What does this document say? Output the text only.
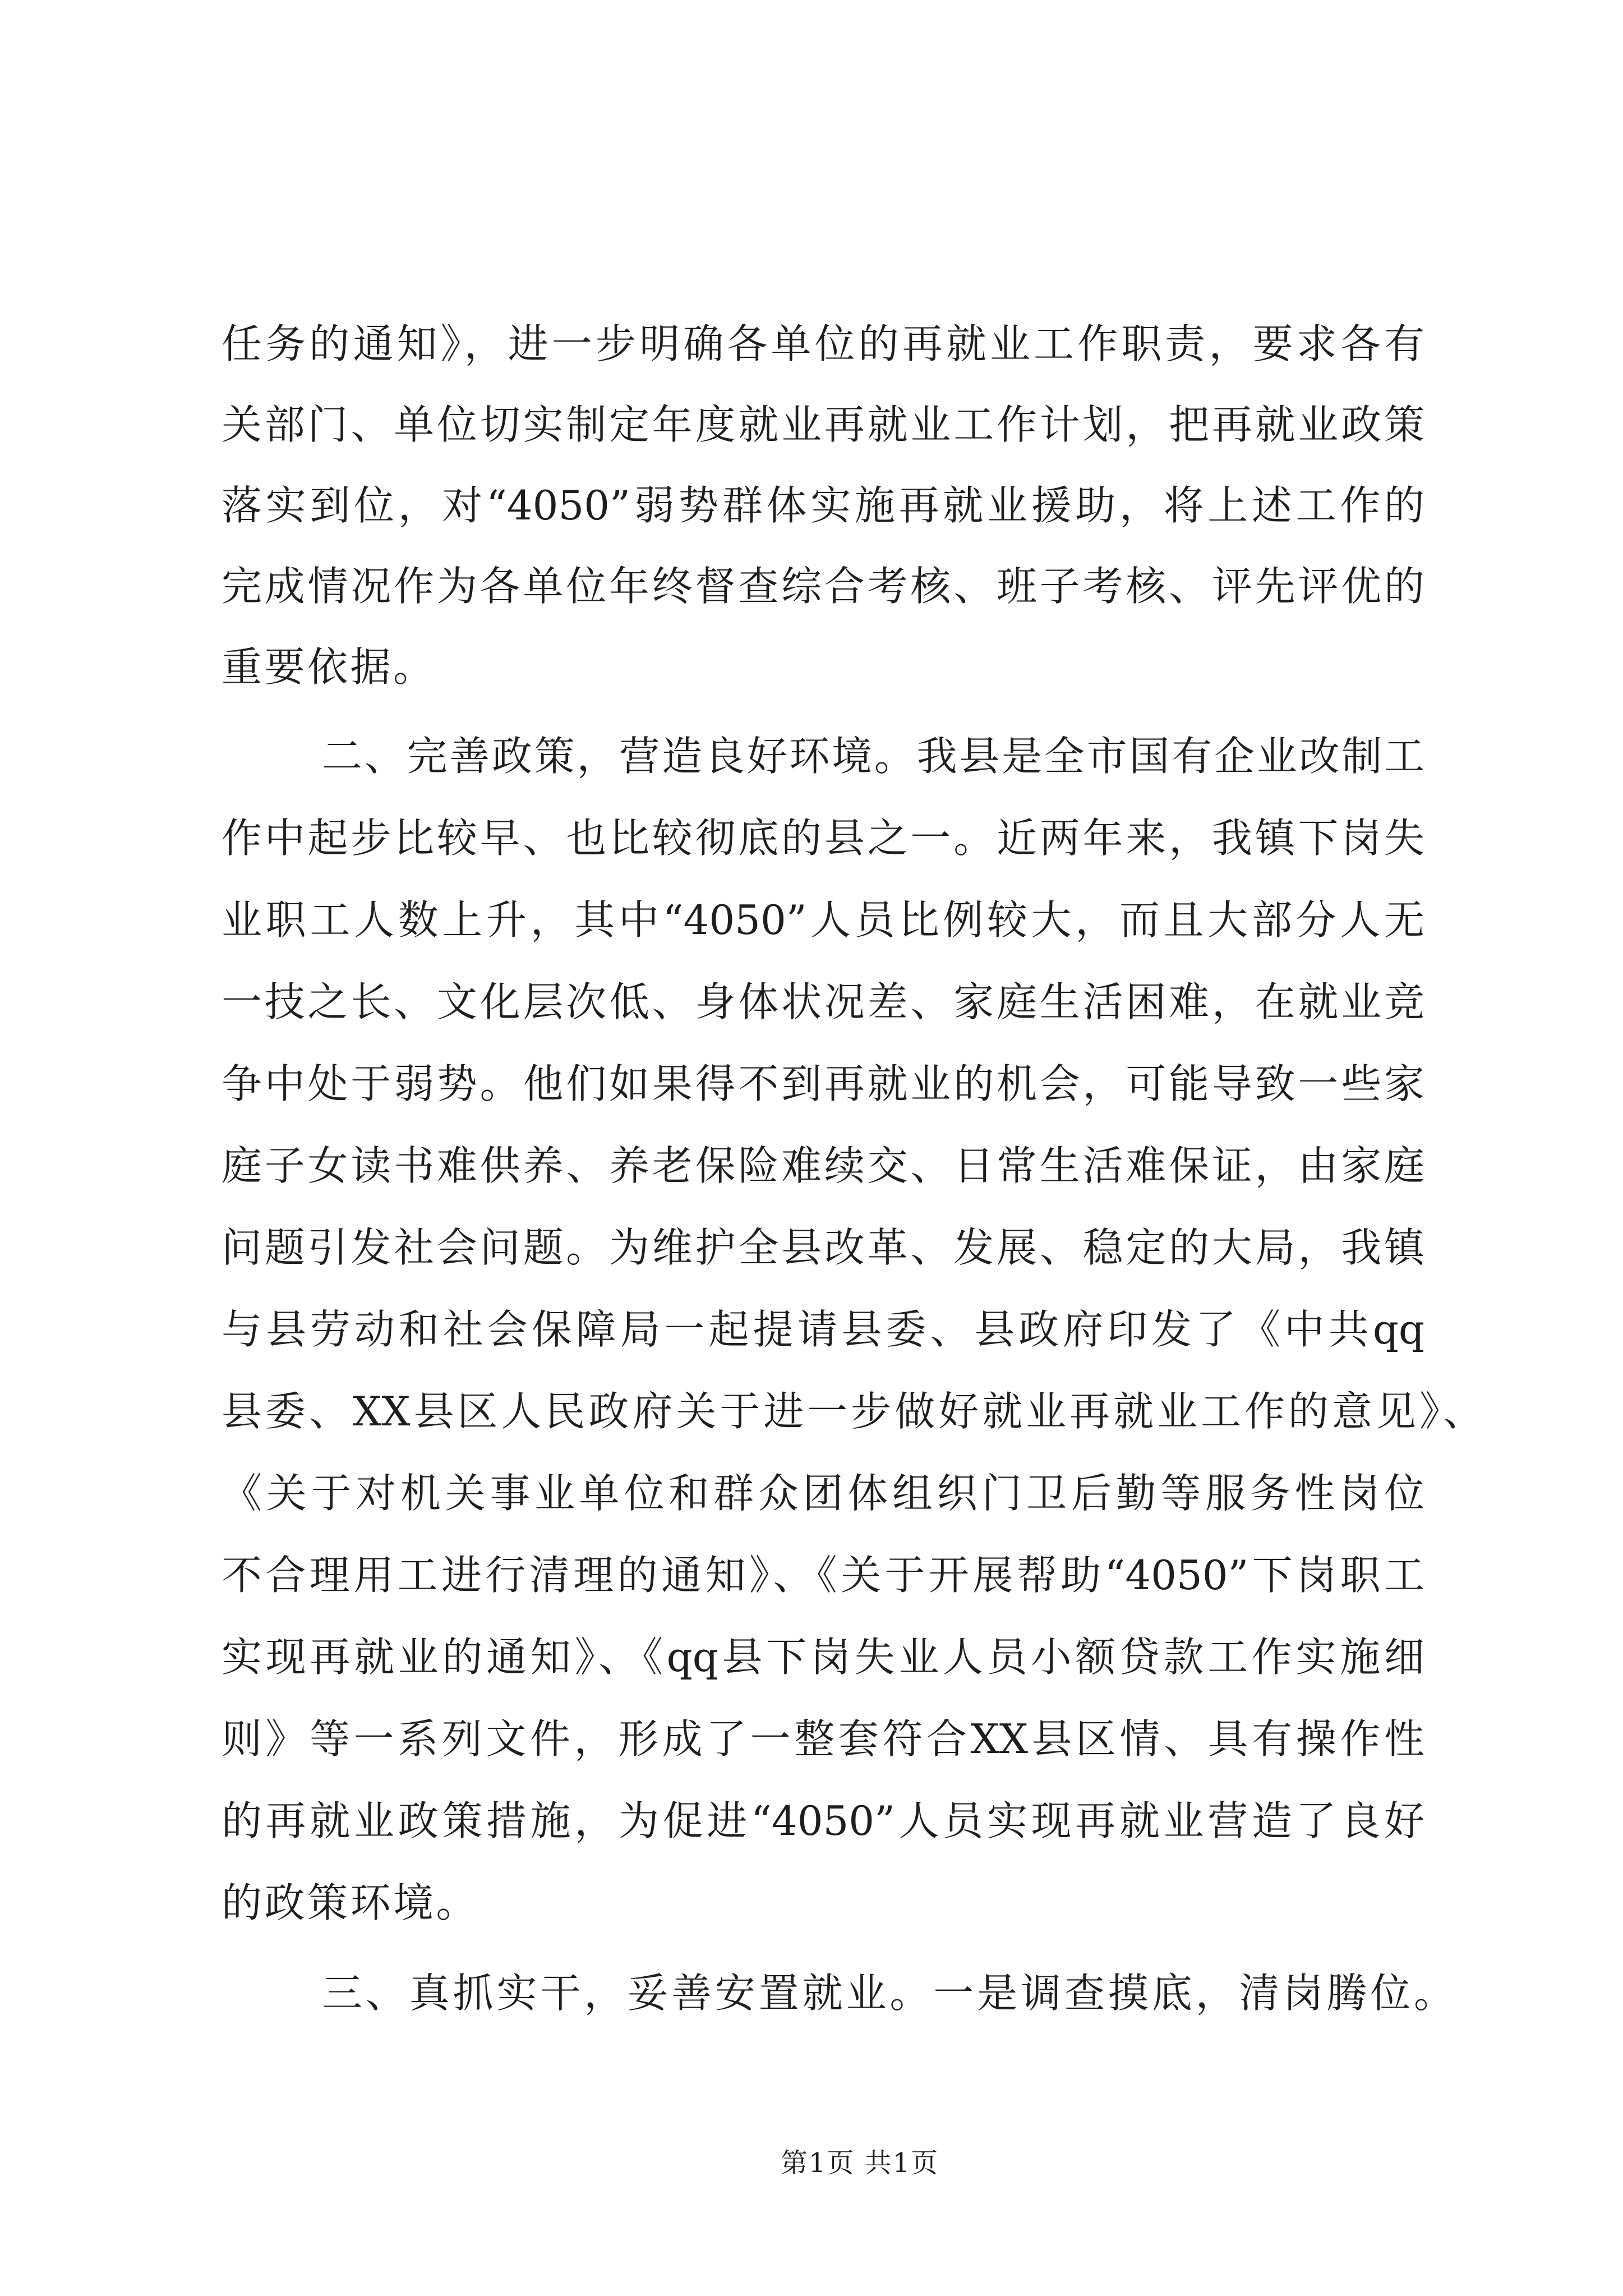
任务的通知》，进一步明确各单位的再就业工作职责，要求各有
关部门、单位切实制定年度就业再就业工作计划，把再就业政策
落实到位，对“4050”弱势群体实施再就业援助，将上述工作的
完成情况作为各单位年终督查综合考核、班子考核、评先评优的
重要依据。
二、完善政策，营造良好环境。我县是全市国有企业改制工
作中起步比较早、也比较彻底的县之一。近两年来，我镇下岗失
业职工人数上升，其中“4050”人员比例较大，而且大部分人无
一技之长、文化层次低、身体状况差、家庭生活困难，在就业竞
争中处于弱势。他们如果得不到再就业的机会，可能导致一些家
庭子女读书难供养、养老保险难续交、日常生活难保证，由家庭
问题引发社会问题。为维护全县改革、发展、稳定的大局，我镇
与县劳动和社会保障局一起提请县委、县政府印发了《中共qq
县委、XX县区人民政府关于进一步做好就业再就业工作的意见》、
《关于对机关事业单位和群众团体组织门卫后勤等服务性岗位
不合理用工进行清理的通知》、《关于开展帮助“4050”下岗职工
实现再就业的通知》、《qq县下岗失业人员小额贷款工作实施细
则》等一系列文件，形成了一整套符合XX县区情、具有操作性
的再就业政策措施，为促进“4050”人员实现再就业营造了良好
的政策环境。
三、真抓实干，妥善安置就业。一是调查摸底，清岗腾位。
第1页 共1页
